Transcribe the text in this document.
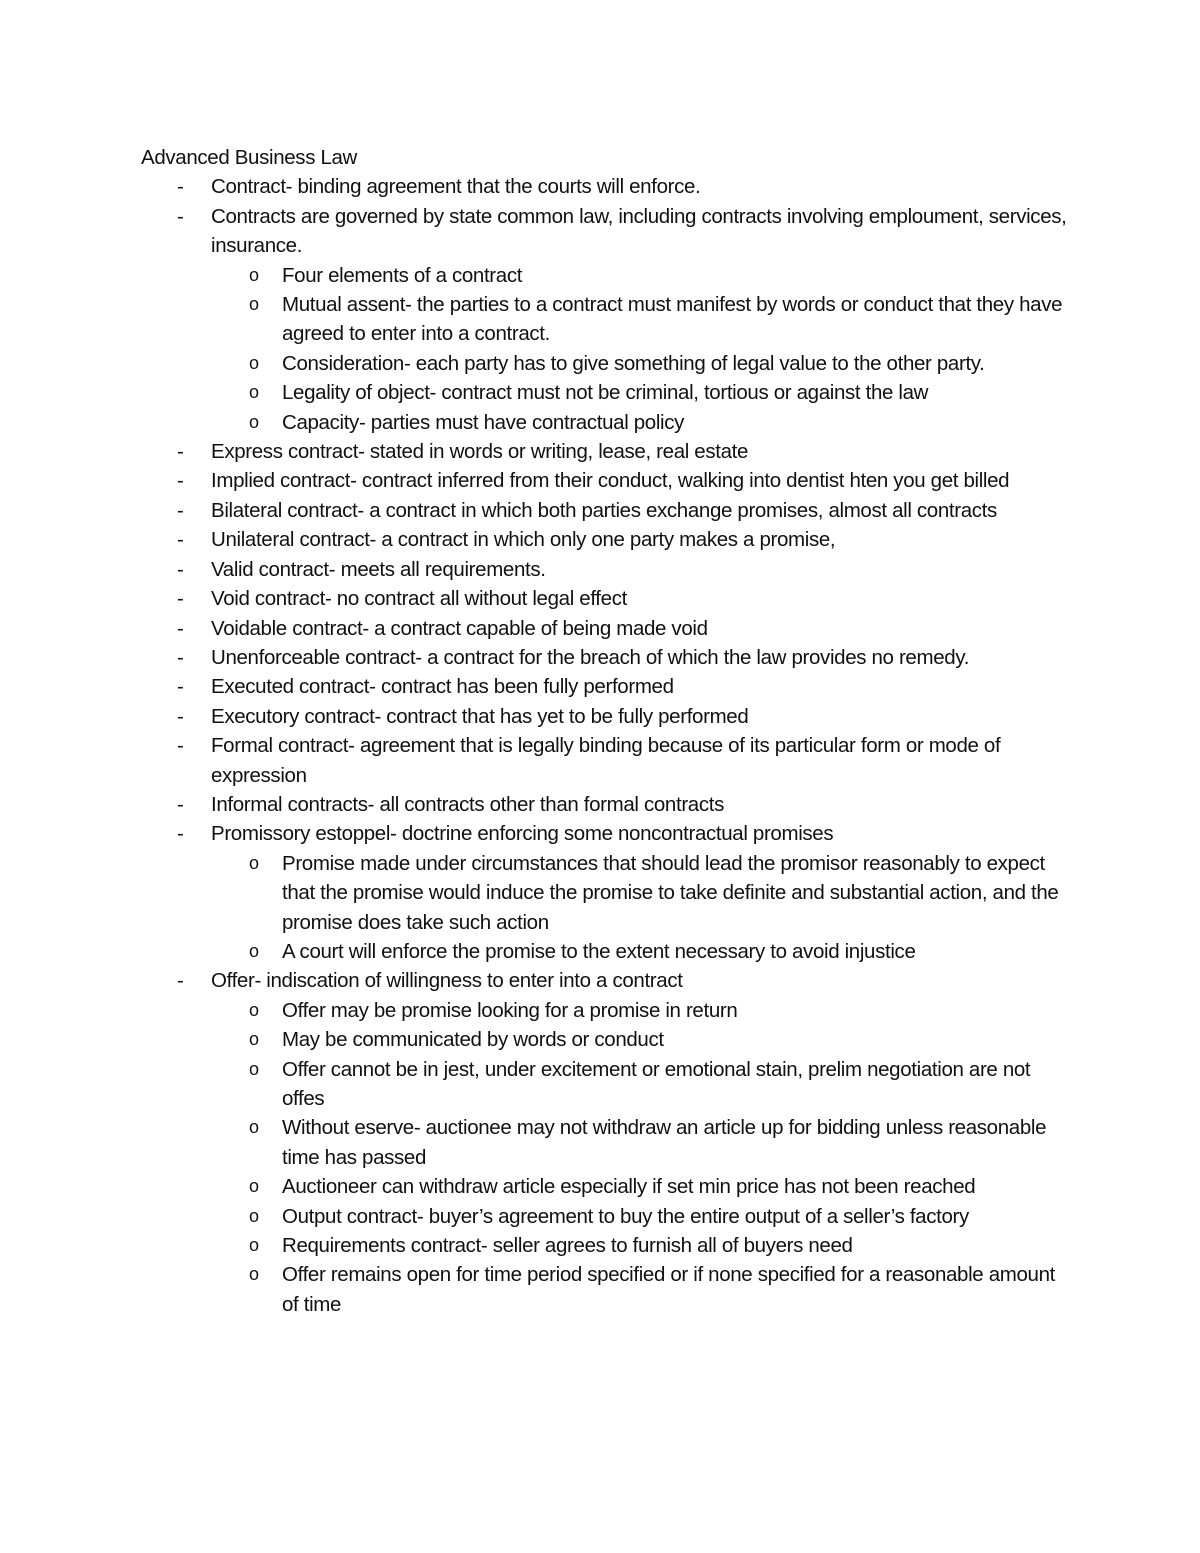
Advanced Business Law
- Contract- binding agreement that the courts will enforce.
- Contracts are governed by state common law, including contracts involving emploument, services, insurance.
o Four elements of a contract
o Mutual assent- the parties to a contract must manifest by words or conduct that they have agreed to enter into a contract.
o Consideration- each party has to give something of legal value to the other party.
o Legality of object- contract must not be criminal, tortious or against the law
o Capacity- parties must have contractual policy
- Express contract- stated in words or writing, lease, real estate
- Implied contract- contract inferred from their conduct, walking into dentist hten you get billed
- Bilateral contract- a contract in which both parties exchange promises, almost all contracts
- Unilateral contract- a contract in which only one party makes a promise,
- Valid contract- meets all requirements.
- Void contract- no contract all without legal effect
- Voidable contract- a contract capable of being made void
- Unenforceable contract- a contract for the breach of which the law provides no remedy.
- Executed contract- contract has been fully performed
- Executory contract- contract that has yet to be fully performed
- Formal contract- agreement that is legally binding because of its particular form or mode of expression
- Informal contracts- all contracts other than formal contracts
- Promissory estoppel- doctrine enforcing some noncontractual promises
o Promise made under circumstances that should lead the promisor reasonably to expect that the promise would induce the promise to take definite and substantial action, and the promise does take such action
o A court will enforce the promise to the extent necessary to avoid injustice
- Offer- indiscation of willingness to enter into a contract
o Offer may be promise looking for a promise in return
o May be communicated by words or conduct
o Offer cannot be in jest, under excitement or emotional stain, prelim negotiation are not offes
o Without eserve- auctionee may not withdraw an article up for bidding unless reasonable time has passed
o Auctioneer can withdraw article especially if set min price has not been reached
o Output contract- buyer’s agreement to buy the entire output of a seller’s factory
o Requirements contract- seller agrees to furnish all of buyers need
o Offer remains open for time period specified or if none specified for a reasonable amount of time
